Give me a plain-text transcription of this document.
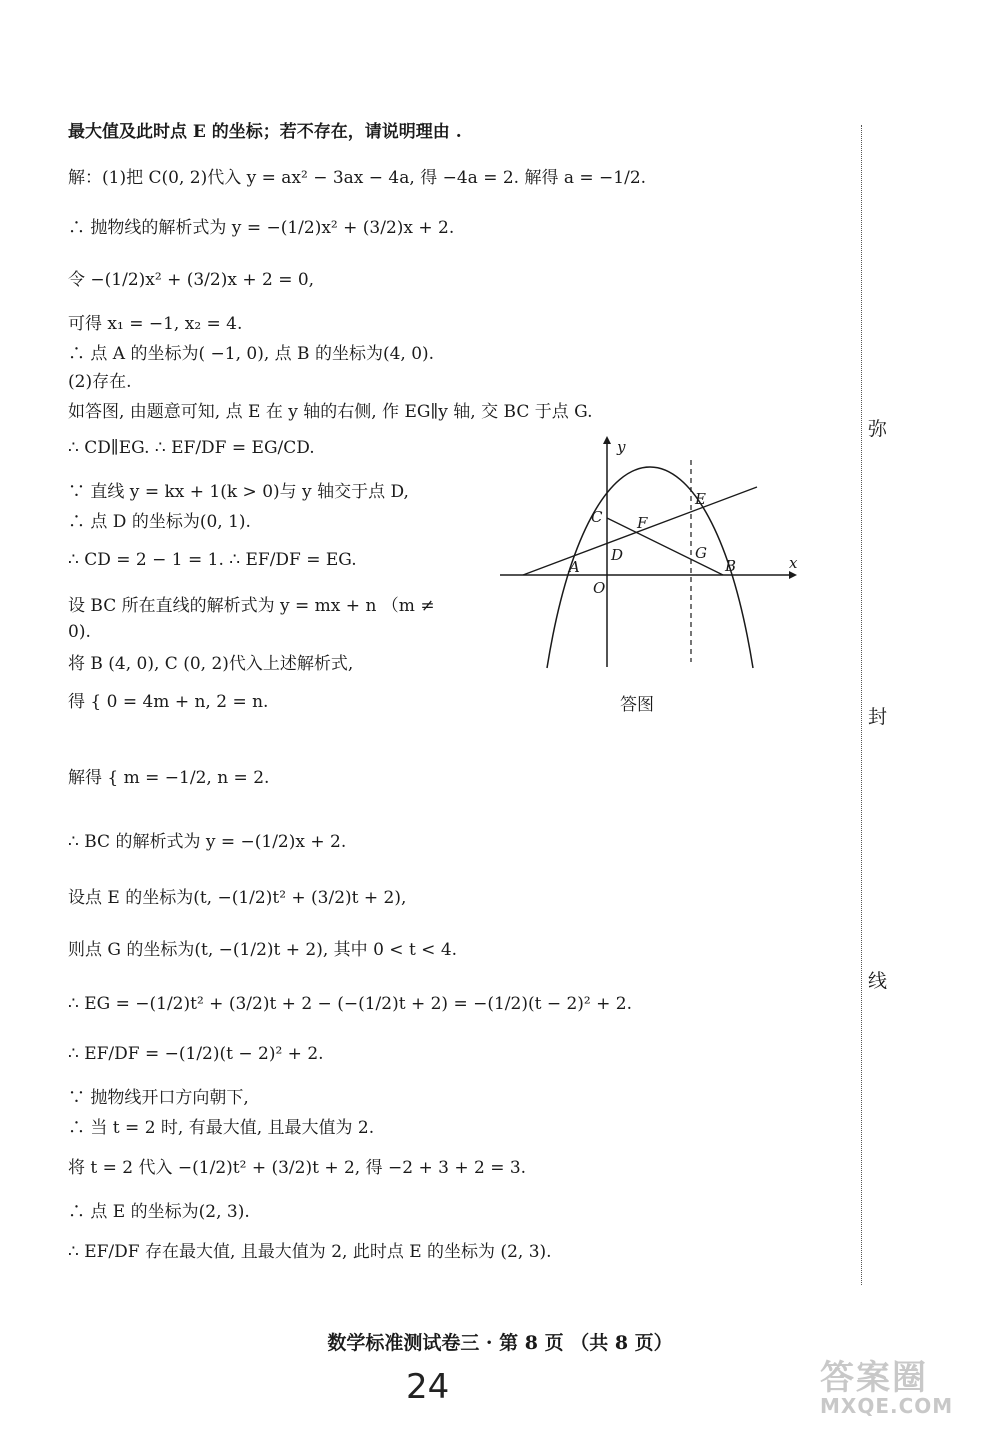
最大值及此时点 E 的坐标；若不存在，请说明理由 .
解：(1)把 C(0, 2)代入 y = ax² − 3ax − 4a, 得 −4a = 2. 解得 a = −1/2.
∴ 抛物线的解析式为 y = −(1/2)x² + (3/2)x + 2.
令 −(1/2)x² + (3/2)x + 2 = 0,
可得 x₁ = −1, x₂ = 4.
∴ 点 A 的坐标为( −1, 0), 点 B 的坐标为(4, 0).
(2)存在.
如答图, 由题意可知, 点 E 在 y 轴的右侧, 作 EG∥y 轴, 交 BC 于点 G.
∴ CD∥EG. ∴ EF/DF = EG/CD.
∵ 直线 y = kx + 1(k > 0)与 y 轴交于点 D,
∴ 点 D 的坐标为(0, 1).
∴ CD = 2 − 1 = 1. ∴ EF/DF = EG.
设 BC 所在直线的解析式为 y = mx + n （m ≠
0).
将 B (4, 0), C (0, 2)代入上述解析式,
得 { 0 = 4m + n, 2 = n.
解得 { m = −1/2, n = 2.
∴ BC 的解析式为 y = −(1/2)x + 2.
设点 E 的坐标为(t, −(1/2)t² + (3/2)t + 2),
则点 G 的坐标为(t, −(1/2)t + 2), 其中 0 < t < 4.
∴ EG = −(1/2)t² + (3/2)t + 2 − (−(1/2)t + 2) = −(1/2)(t − 2)² + 2.
∴ EF/DF = −(1/2)(t − 2)² + 2.
∵ 抛物线开口方向朝下,
∴ 当 t = 2 时, 有最大值, 且最大值为 2.
将 t = 2 代入 −(1/2)t² + (3/2)t + 2, 得 −2 + 3 + 2 = 3.
∴ 点 E 的坐标为(2, 3).
∴ EF/DF 存在最大值, 且最大值为 2, 此时点 E 的坐标为 (2, 3).
y
x
O
A	B
C
D
E
F
G
答图
弥
封
线
数学标准测试卷三 · 第 8 页 （共 8 页）
24	答案圈
MXQE.COM
